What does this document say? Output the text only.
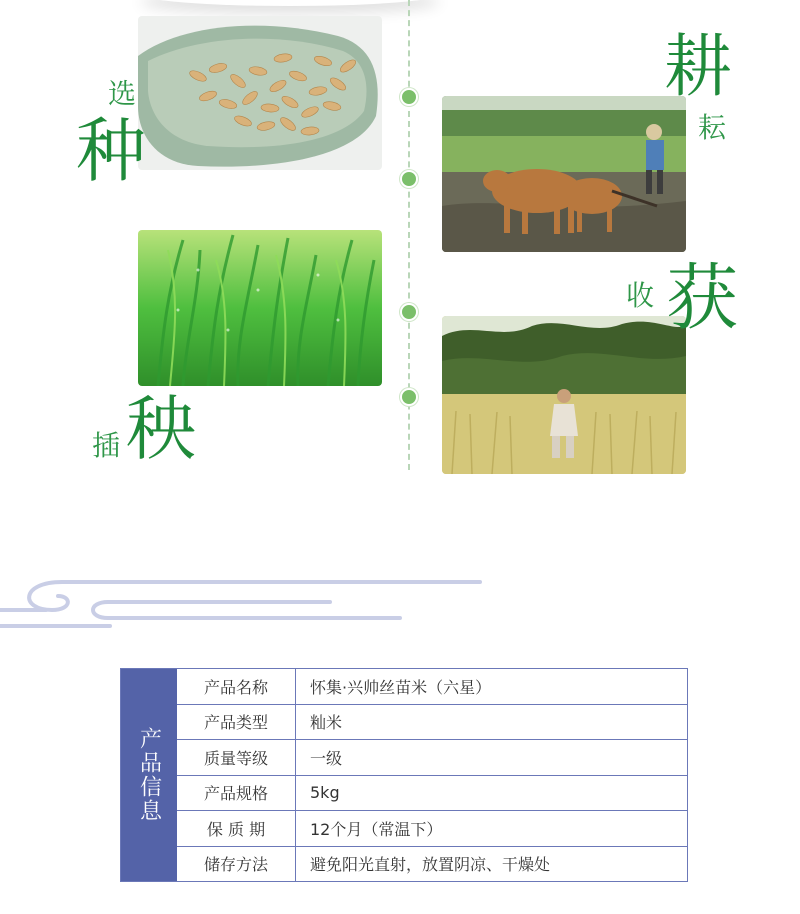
选
种
耕
耘
秧
插
收 获
产品信息
产品名称	怀集·兴帅丝苗米（六星）
产品类型	籼米
质量等级	一级
产品规格	5kg
保 质 期	12个月（常温下）
储存方法	避免阳光直射，放置阴凉、干燥处
